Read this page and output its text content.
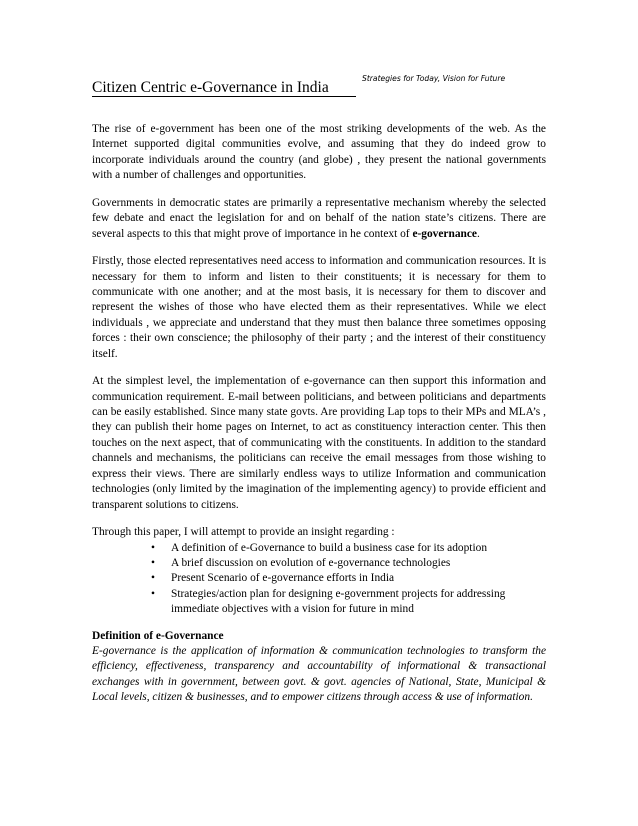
Citizen Centric e-Governance in India
Strategies for Today, Vision for Future

The rise of e-government has been one of the most striking developments of the web. As the Internet supported digital communities evolve, and assuming that they do indeed grow to incorporate individuals around the country (and globe) , they present the national governments with a number of challenges and opportunities.

Governments in democratic states are primarily a representative mechanism whereby the selected few debate and enact the legislation for and on behalf of the nation state’s citizens. There are several aspects to this that might prove of importance in he context of e-governance.

Firstly, those elected representatives need access to information and communication resources. It is necessary for them to inform and listen to their constituents; it is necessary for them to communicate with one another; and at the most basis, it is necessary for them to discover and represent the wishes of those who have elected them as their representatives. While we elect individuals , we appreciate and understand that they must then balance three sometimes opposing forces : their own conscience; the philosophy of their party ; and the interest of their constituency itself.

At the simplest level, the implementation of e-governance can then support this information and communication requirement. E-mail between politicians, and between politicians and departments can be easily established. Since many state govts. Are providing Lap tops to their MPs and MLA’s , they can publish their home pages on Internet, to act as constituency interaction center. This then touches on the next aspect, that of communicating with the constituents. In addition to the standard channels and mechanisms, the politicians can receive the email messages from those wishing to express their views. There are similarly endless ways to utilize Information and communication technologies (only limited by the imagination of the implementing agency) to provide efficient and transparent solutions to citizens.

Through this paper, I will attempt to provide an insight regarding :

• A definition of e-Governance to build a business case for its adoption
• A brief discussion on evolution of e-governance technologies
• Present Scenario of e-governance efforts in India
• Strategies/action plan for designing e-government projects for addressing immediate objectives with a vision for future in mind
Definition of e-Governance
E-governance is the application of information & communication technologies to transform the efficiency, effectiveness, transparency and accountability of informational & transactional exchanges with in government, between govt. & govt. agencies of National, State, Municipal & Local levels, citizen & businesses, and to empower citizens through access & use of information.
